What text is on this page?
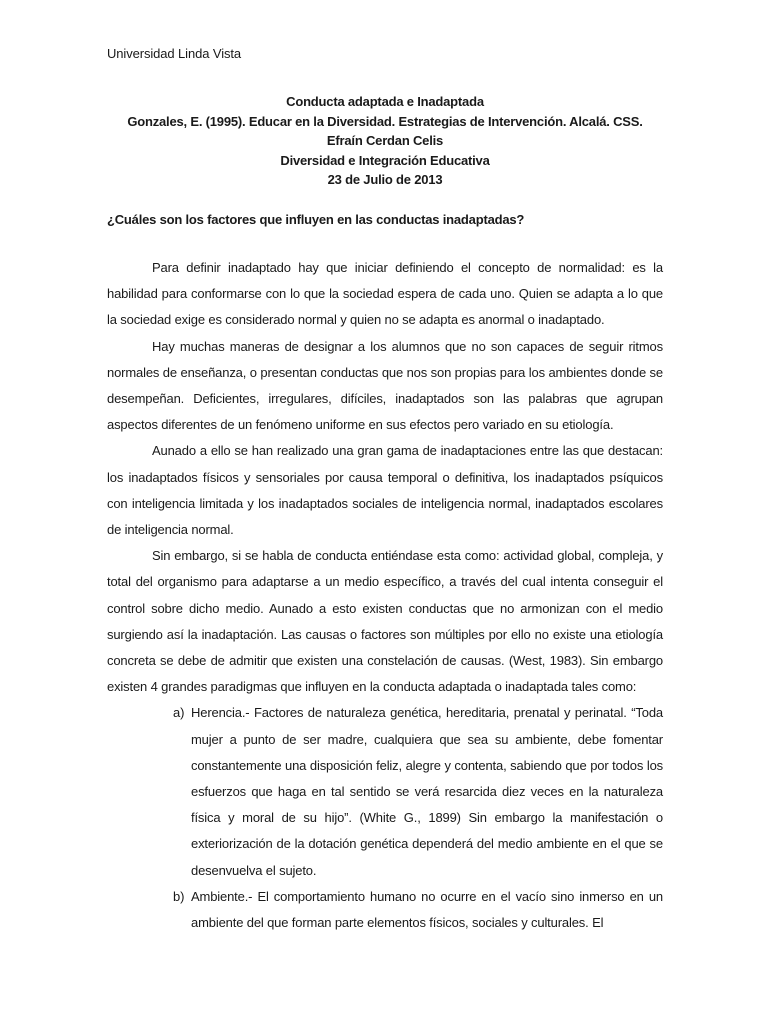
Universidad Linda Vista
Conducta adaptada e Inadaptada
Gonzales, E. (1995). Educar en la Diversidad. Estrategias de Intervención. Alcalá. CSS.
Efraín Cerdan Celis
Diversidad e Integración Educativa
23 de Julio de 2013
¿Cuáles son los factores que influyen en las conductas inadaptadas?

Para definir inadaptado hay que iniciar definiendo el concepto de normalidad: es la habilidad para conformarse con lo que la sociedad espera de cada uno. Quien se adapta a lo que la sociedad exige es considerado normal y quien no se adapta es anormal o inadaptado.

Hay muchas maneras de designar a los alumnos que no son capaces de seguir ritmos normales de enseñanza, o presentan conductas que nos son propias para los ambientes donde se desempeñan. Deficientes, irregulares, difíciles, inadaptados son las palabras que agrupan aspectos diferentes de un fenómeno uniforme en sus efectos pero variado en su etiología.

Aunado a ello se han realizado una gran gama de inadaptaciones entre las que destacan: los inadaptados físicos y sensoriales por causa temporal o definitiva, los inadaptados psíquicos con inteligencia limitada y los inadaptados sociales de inteligencia normal, inadaptados escolares de inteligencia normal.

Sin embargo, si se habla de conducta entiéndase esta como: actividad global, compleja, y total del organismo para adaptarse a un medio específico, a través del cual intenta conseguir el control sobre dicho medio. Aunado a esto existen conductas que no armonizan con el medio surgiendo así la inadaptación. Las causas o factores son múltiples por ello no existe una etiología concreta se debe de admitir que existen una constelación de causas. (West, 1983). Sin embargo existen 4 grandes paradigmas que influyen en la conducta adaptada o inadaptada tales como:

a) Herencia.- Factores de naturaleza genética, hereditaria, prenatal y perinatal. “Toda mujer a punto de ser madre, cualquiera que sea su ambiente, debe fomentar constantemente una disposición feliz, alegre y contenta, sabiendo que por todos los esfuerzos que haga en tal sentido se verá resarcida diez veces en la naturaleza física y moral de su hijo”. (White G., 1899) Sin embargo la manifestación o exteriorización de la dotación genética dependerá del medio ambiente en el que se desenvuelva el sujeto.
b) Ambiente.- El comportamiento humano no ocurre en el vacío sino inmerso en un ambiente del que forman parte elementos físicos, sociales y culturales. El
